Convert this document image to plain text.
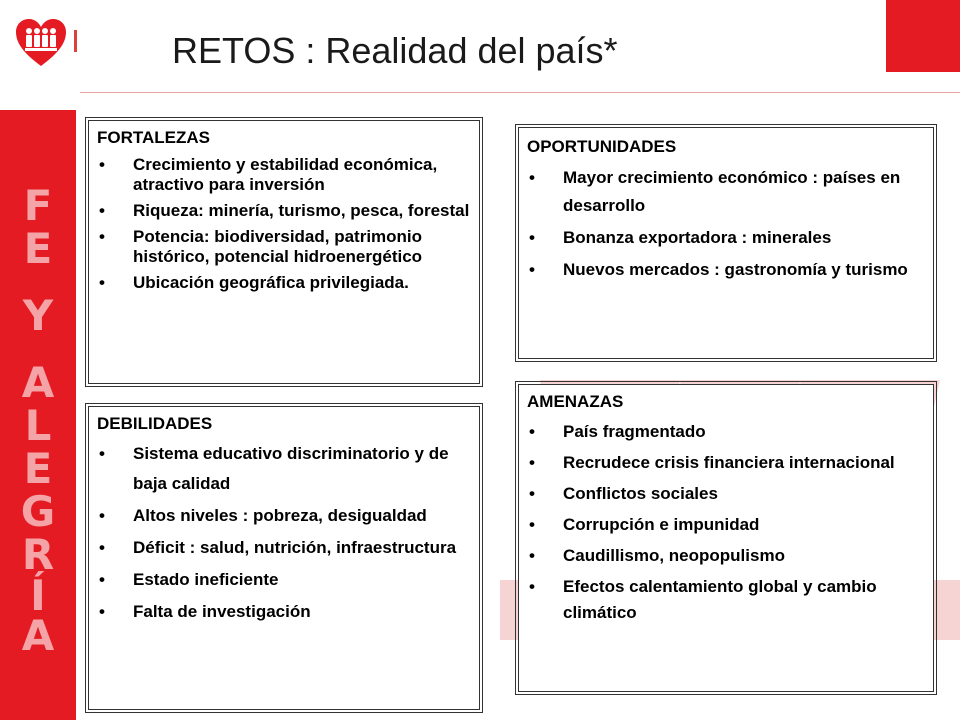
RETOS : Realidad del país*
F
E
Y
A
L
E
G
R
Í
A
FORTALEZAS
• Crecimiento y estabilidad económica, atractivo para inversión
• Riqueza: minería, turismo, pesca, forestal
• Potencia: biodiversidad, patrimonio histórico, potencial hidroenergético
• Ubicación geográfica privilegiada.
OPORTUNIDADES
• Mayor crecimiento económico : países en desarrollo
• Bonanza exportadora : minerales
• Nuevos mercados : gastronomía y turismo
DEBILIDADES
• Sistema educativo discriminatorio y de baja calidad
• Altos niveles : pobreza, desigualdad
• Déficit : salud, nutrición, infraestructura
• Estado ineficiente
• Falta de investigación
AMENAZAS
• País fragmentado
• Recrudece crisis financiera internacional
• Conflictos sociales
• Corrupción e impunidad
• Caudillismo, neopopulismo
• Efectos calentamiento global y cambio climático
